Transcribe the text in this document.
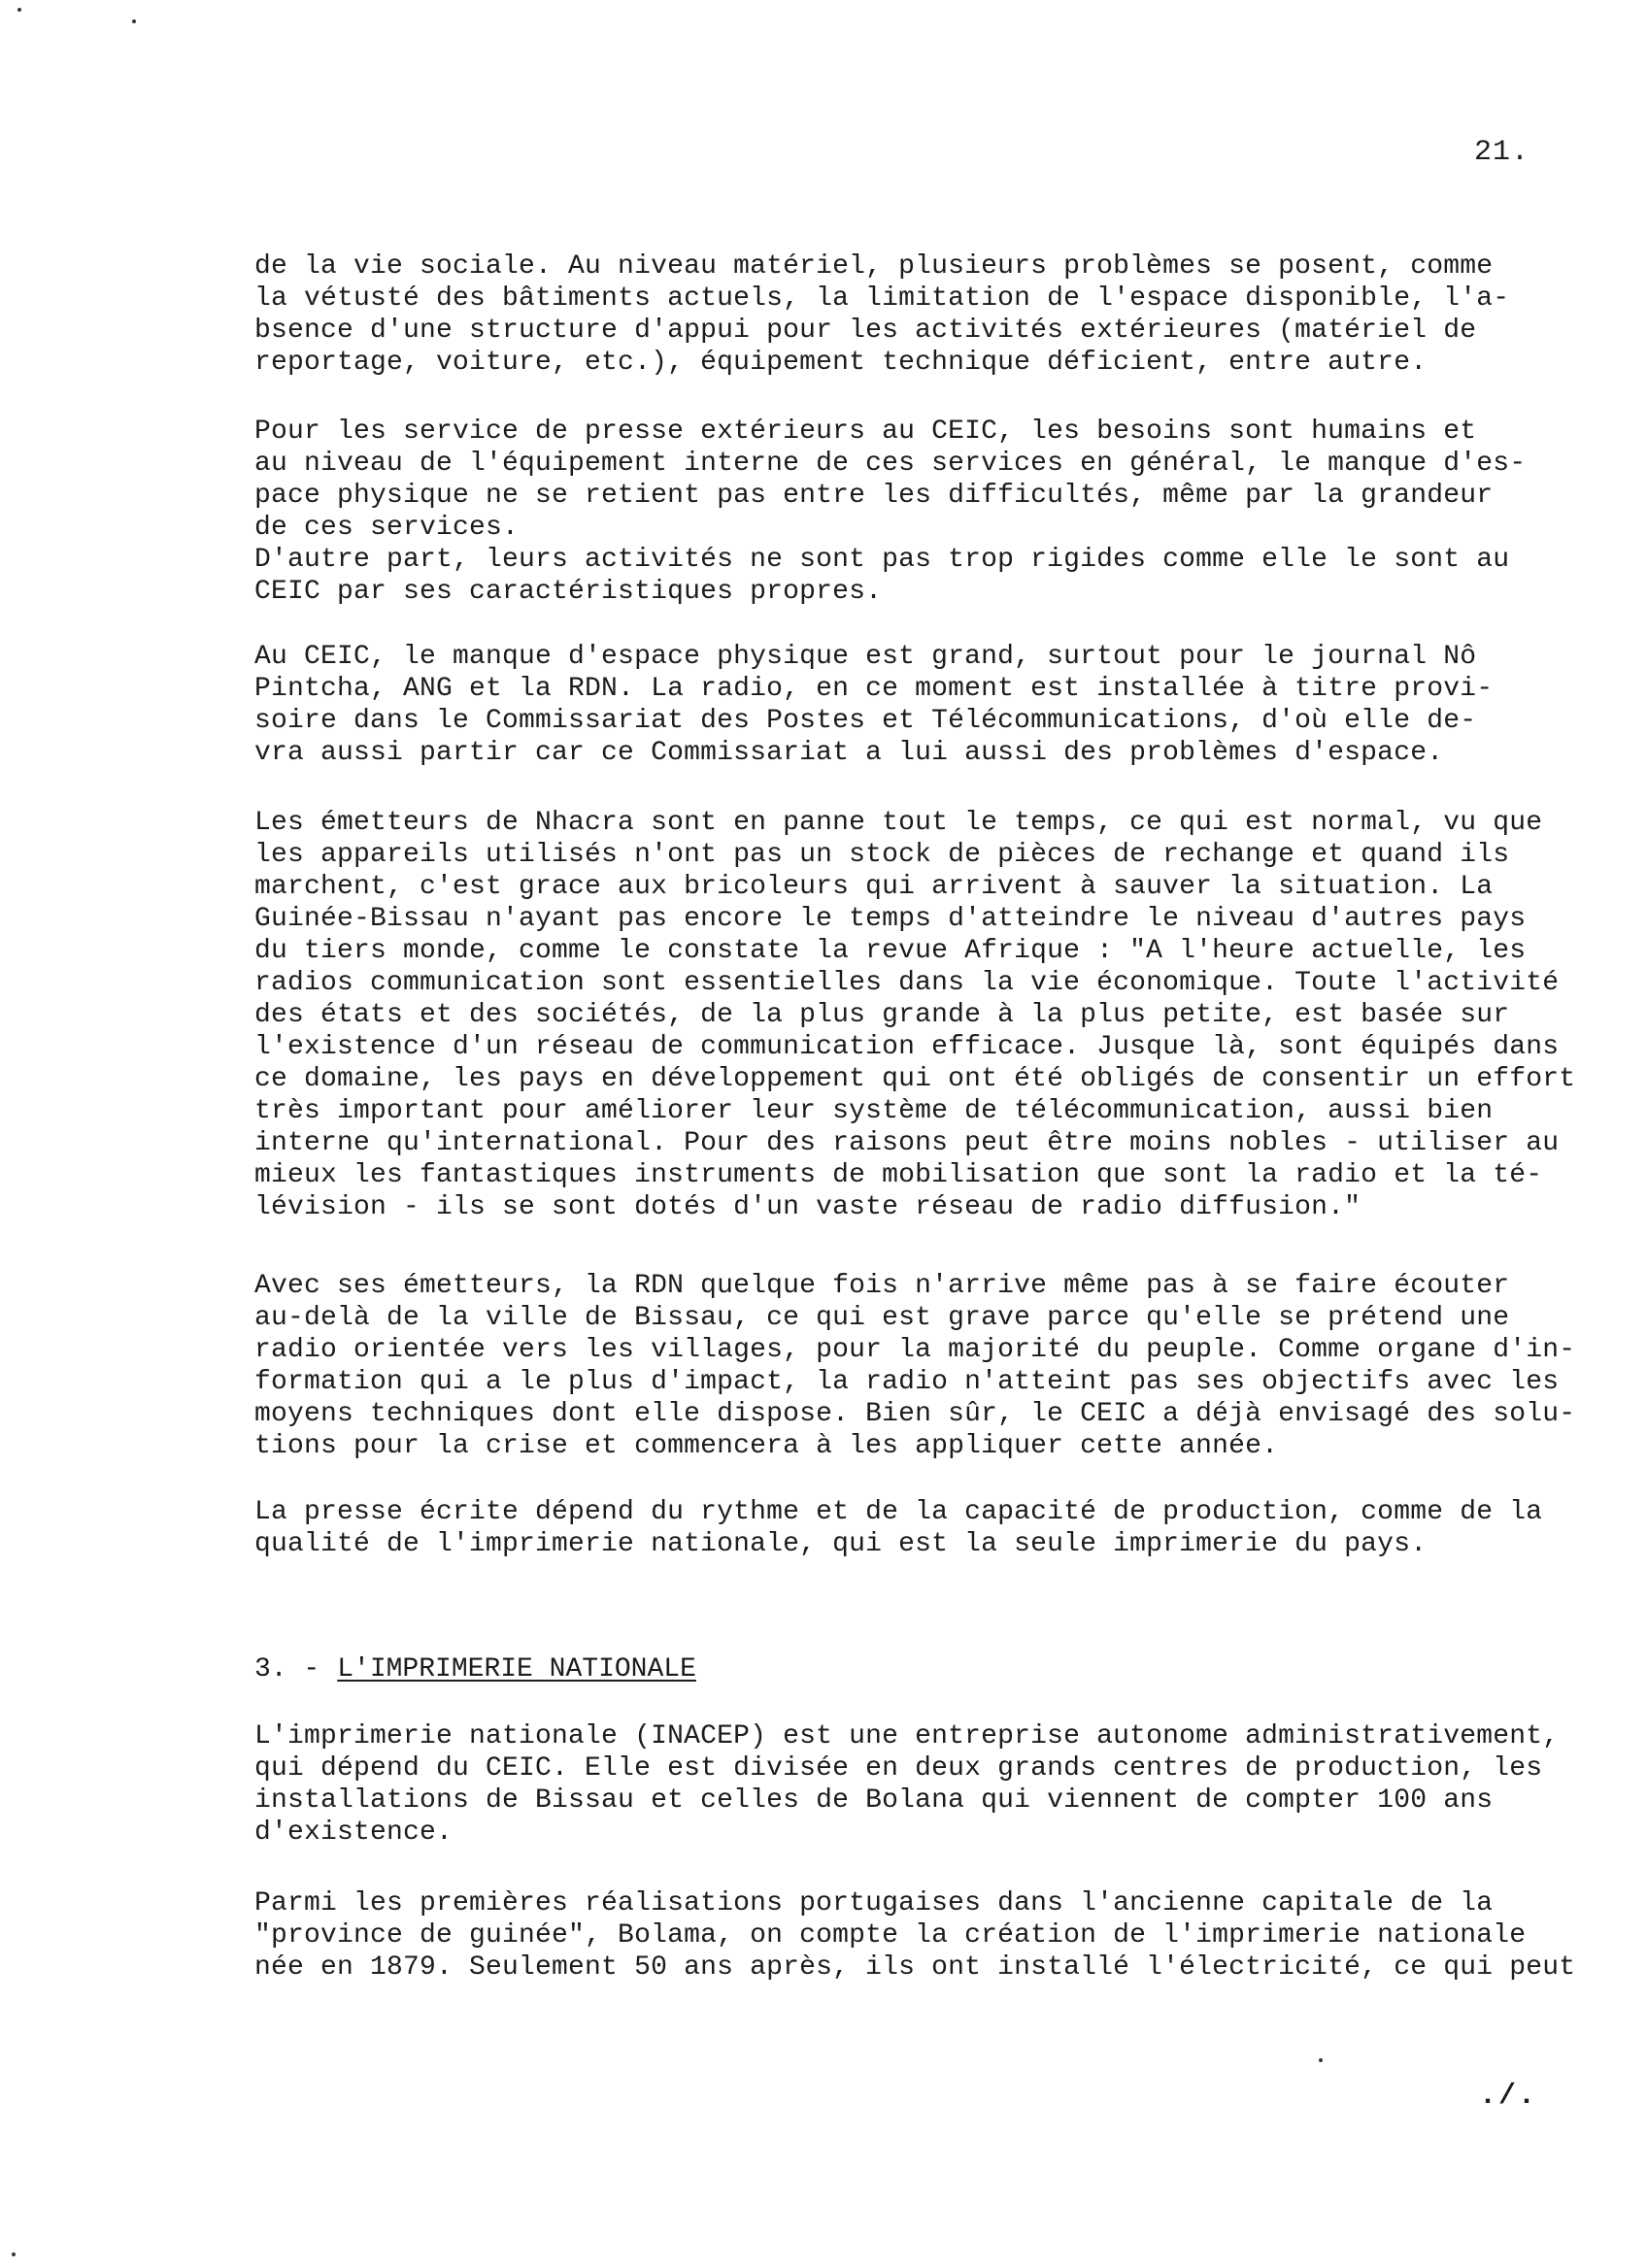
21.

de la vie sociale. Au niveau matériel, plusieurs problèmes se posent, comme
la vétusté des bâtiments actuels, la limitation de l'espace disponible, l'a-
bsence d'une structure d'appui pour les activités extérieures (matériel de
reportage, voiture, etc.), équipement technique déficient, entre autre.

Pour les service de presse extérieurs au CEIC, les besoins sont humains et
au niveau de l'équipement interne de ces services en général, le manque d'es-
pace physique ne se retient pas entre les difficultés, même par la grandeur
de ces services.
D'autre part, leurs activités ne sont pas trop rigides comme elle le sont au
CEIC par ses caractéristiques propres.

Au CEIC, le manque d'espace physique est grand, surtout pour le journal Nô
Pintcha, ANG et la RDN. La radio, en ce moment est installée à titre provi-
soire dans le Commissariat des Postes et Télécommunications, d'où elle de-
vra aussi partir car ce Commissariat a lui aussi des problèmes d'espace.

Les émetteurs de Nhacra sont en panne tout le temps, ce qui est normal, vu que
les appareils utilisés n'ont pas un stock de pièces de rechange et quand ils
marchent, c'est grace aux bricoleurs qui arrivent à sauver la situation. La
Guinée-Bissau n'ayant pas encore le temps d'atteindre le niveau d'autres pays
du tiers monde, comme le constate la revue Afrique : "A l'heure actuelle, les
radios communication sont essentielles dans la vie économique. Toute l'activité
des états et des sociétés, de la plus grande à la plus petite, est basée sur
l'existence d'un réseau de communication efficace. Jusque là, sont équipés dans
ce domaine, les pays en développement qui ont été obligés de consentir un effort
très important pour améliorer leur système de télécommunication, aussi bien
interne qu'international. Pour des raisons peut être moins nobles - utiliser au
mieux les fantastiques instruments de mobilisation que sont la radio et la té-
lévision - ils se sont dotés d'un vaste réseau de radio diffusion."

Avec ses émetteurs, la RDN quelque fois n'arrive même pas à se faire écouter
au-delà de la ville de Bissau, ce qui est grave parce qu'elle se prétend une
radio orientée vers les villages, pour la majorité du peuple. Comme organe d'in-
formation qui a le plus d'impact, la radio n'atteint pas ses objectifs avec les
moyens techniques dont elle dispose. Bien sûr, le CEIC a déjà envisagé des solu-
tions pour la crise et commencera à les appliquer cette année.

La presse écrite dépend du rythme et de la capacité de production, comme de la
qualité de l'imprimerie nationale, qui est la seule imprimerie du pays.

3. - L'IMPRIMERIE NATIONALE

L'imprimerie nationale (INACEP) est une entreprise autonome administrativement,
qui dépend du CEIC. Elle est divisée en deux grands centres de production, les
installations de Bissau et celles de Bolana qui viennent de compter 100 ans
d'existence.

Parmi les premières réalisations portugaises dans l'ancienne capitale de la
"province de guinée", Bolama, on compte la création de l'imprimerie nationale
née en 1879. Seulement 50 ans après, ils ont installé l'électricité, ce qui peut

./.
